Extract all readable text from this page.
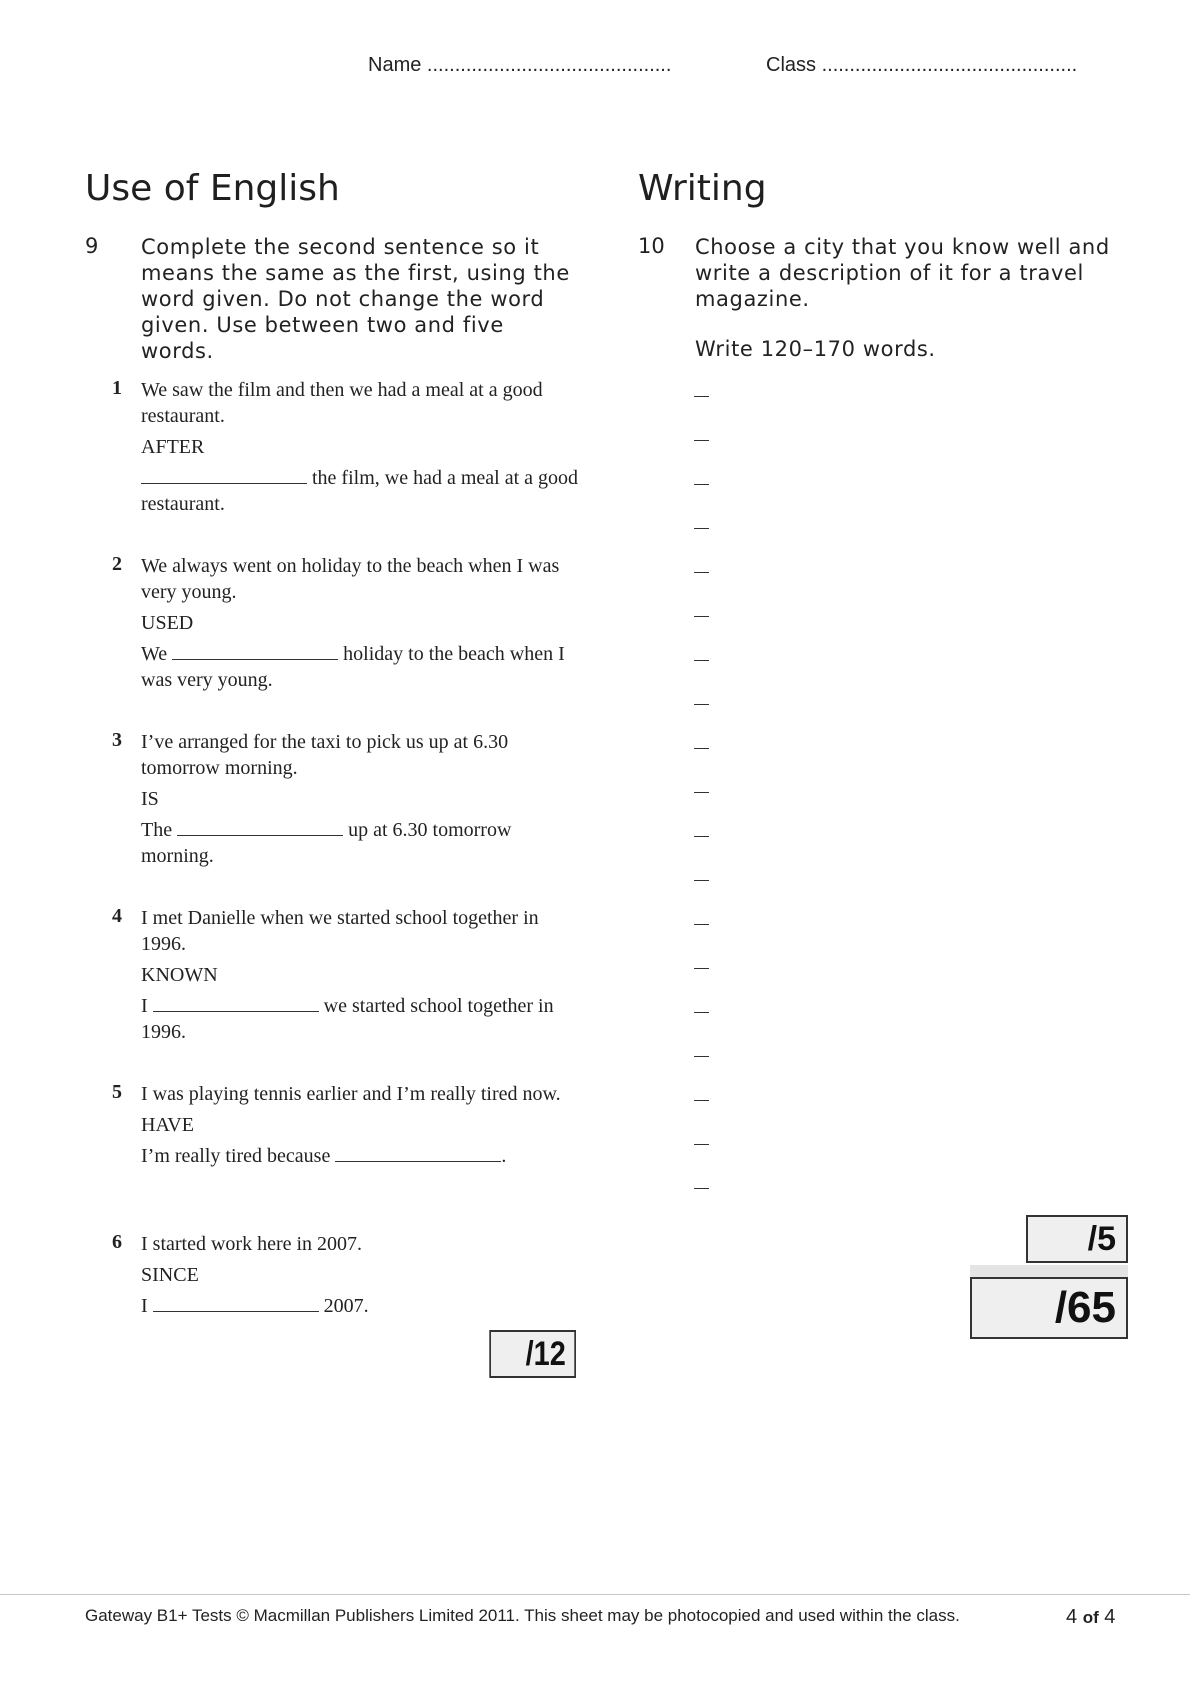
Name ............................................	Class ..............................................
Use of English	Writing
9 Complete the second sentence so it means the same as the first, using the word given. Do not change the word given. Use between two and five words.
1 We saw the film and then we had a meal at a good restaurant.

AFTER

the film, we had a meal at a good restaurant.

2 We always went on holiday to the beach when I was very young.

USED

We	holiday to the beach when I was very young.

3 I’ve arranged for the taxi to pick us up at 6.30 tomorrow morning.

IS

The	up at 6.30 tomorrow morning.

4 I met Danielle when we started school together in 1996.

KNOWN

I	we started school together in 1996.

5 I was playing tennis earlier and I’m really tired now.

HAVE

I’m really tired because	.

6 I started work here in 2007.

SINCE

I	2007.

/12
10 Choose a city that you know well and write a description of it for a travel magazine.
Write 120–170 words.
/5
/65
Gateway B1+ Tests © Macmillan Publishers Limited 2011. This sheet may be photocopied and used within the class.	4 of 4
